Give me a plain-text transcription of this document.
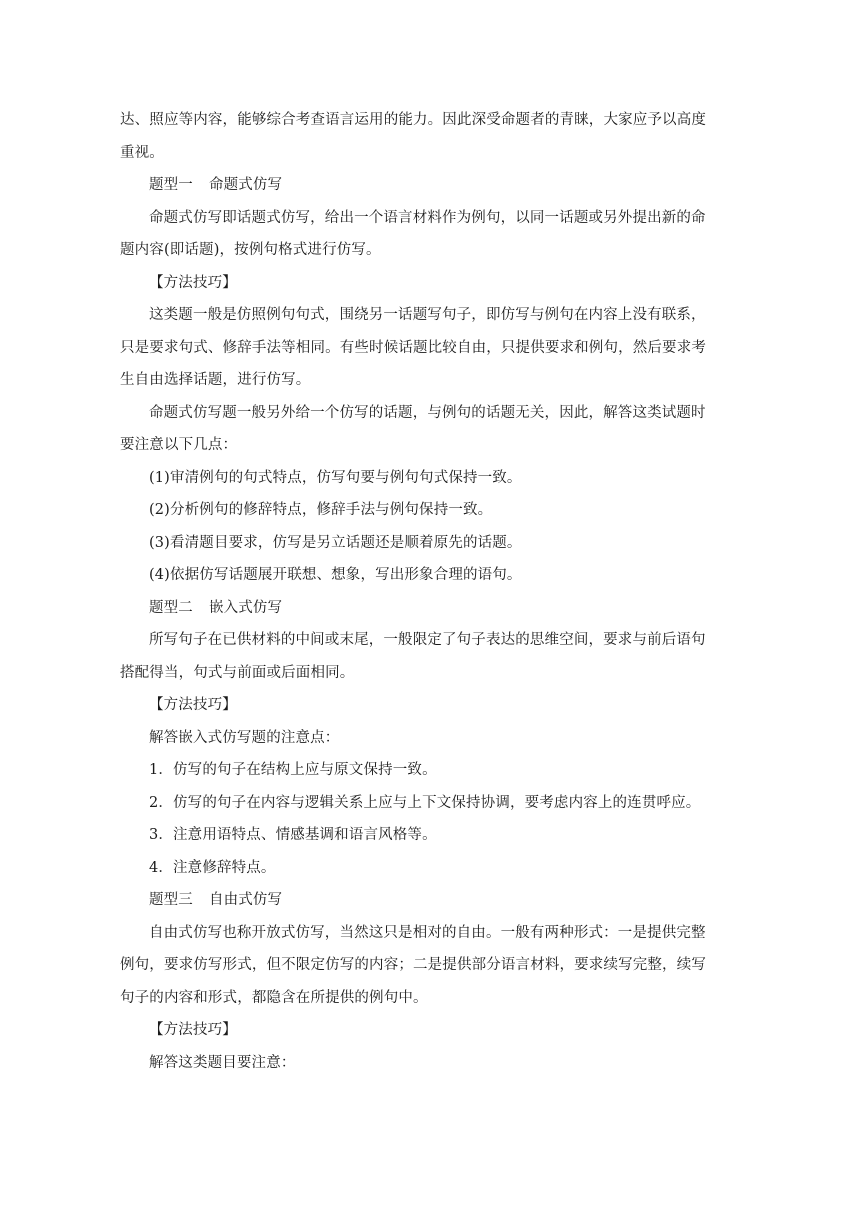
达、照应等内容，能够综合考查语言运用的能力。因此深受命题者的青睐，大家应予以高度
重视。
题型一 命题式仿写
命题式仿写即话题式仿写，给出一个语言材料作为例句，以同一话题或另外提出新的命
题内容(即话题)，按例句格式进行仿写。
【方法技巧】
这类题一般是仿照例句句式，围绕另一话题写句子，即仿写与例句在内容上没有联系，
只是要求句式、修辞手法等相同。有些时候话题比较自由，只提供要求和例句，然后要求考
生自由选择话题，进行仿写。
命题式仿写题一般另外给一个仿写的话题，与例句的话题无关，因此，解答这类试题时
要注意以下几点：
(1)审清例句的句式特点，仿写句要与例句句式保持一致。
(2)分析例句的修辞特点，修辞手法与例句保持一致。
(3)看清题目要求，仿写是另立话题还是顺着原先的话题。
(4)依据仿写话题展开联想、想象，写出形象合理的语句。
题型二 嵌入式仿写
所写句子在已供材料的中间或末尾，一般限定了句子表达的思维空间，要求与前后语句
搭配得当，句式与前面或后面相同。
【方法技巧】
解答嵌入式仿写题的注意点：
1．仿写的句子在结构上应与原文保持一致。
2．仿写的句子在内容与逻辑关系上应与上下文保持协调，要考虑内容上的连贯呼应。
3．注意用语特点、情感基调和语言风格等。
4．注意修辞特点。
题型三 自由式仿写
自由式仿写也称开放式仿写，当然这只是相对的自由。一般有两种形式：一是提供完整
例句，要求仿写形式，但不限定仿写的内容；二是提供部分语言材料，要求续写完整，续写
句子的内容和形式，都隐含在所提供的例句中。
【方法技巧】
解答这类题目要注意：
